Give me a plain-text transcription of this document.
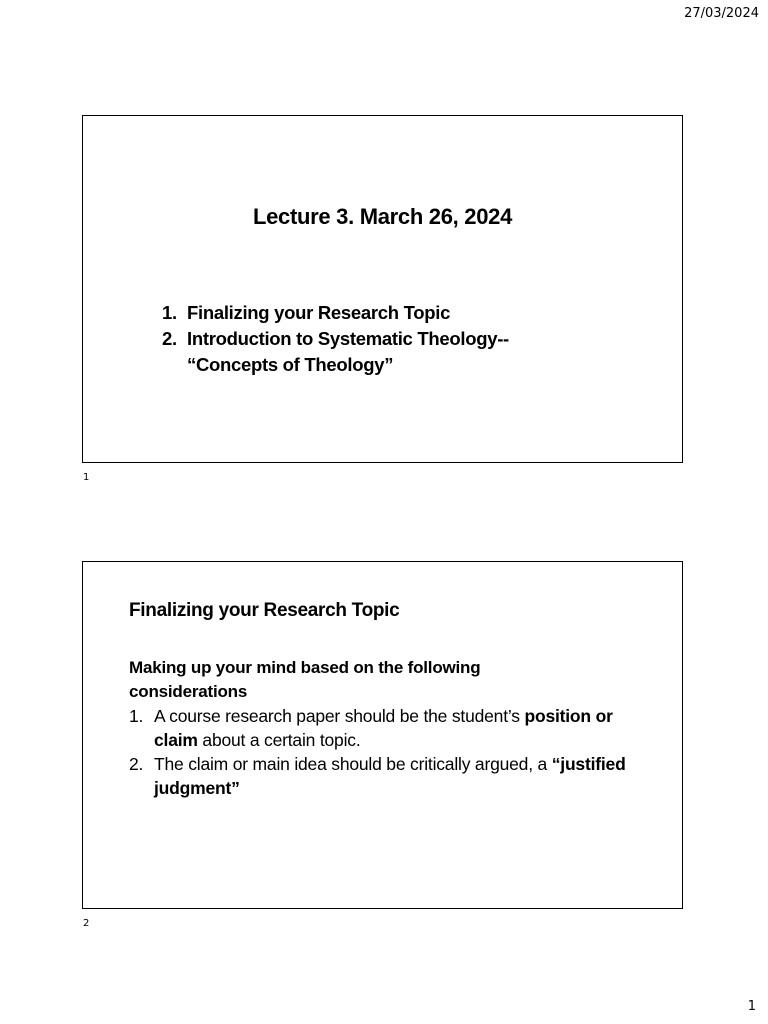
27/03/2024
Lecture 3. March 26, 2024
1. Finalizing your Research Topic
2. Introduction to Systematic Theology--
“Concepts of Theology”
1
Finalizing your Research Topic
Making up your mind based on the following considerations
1. A course research paper should be the student’s position or claim about a certain topic.
2. The claim or main idea should be critically argued, a “justified judgment”
2
1
